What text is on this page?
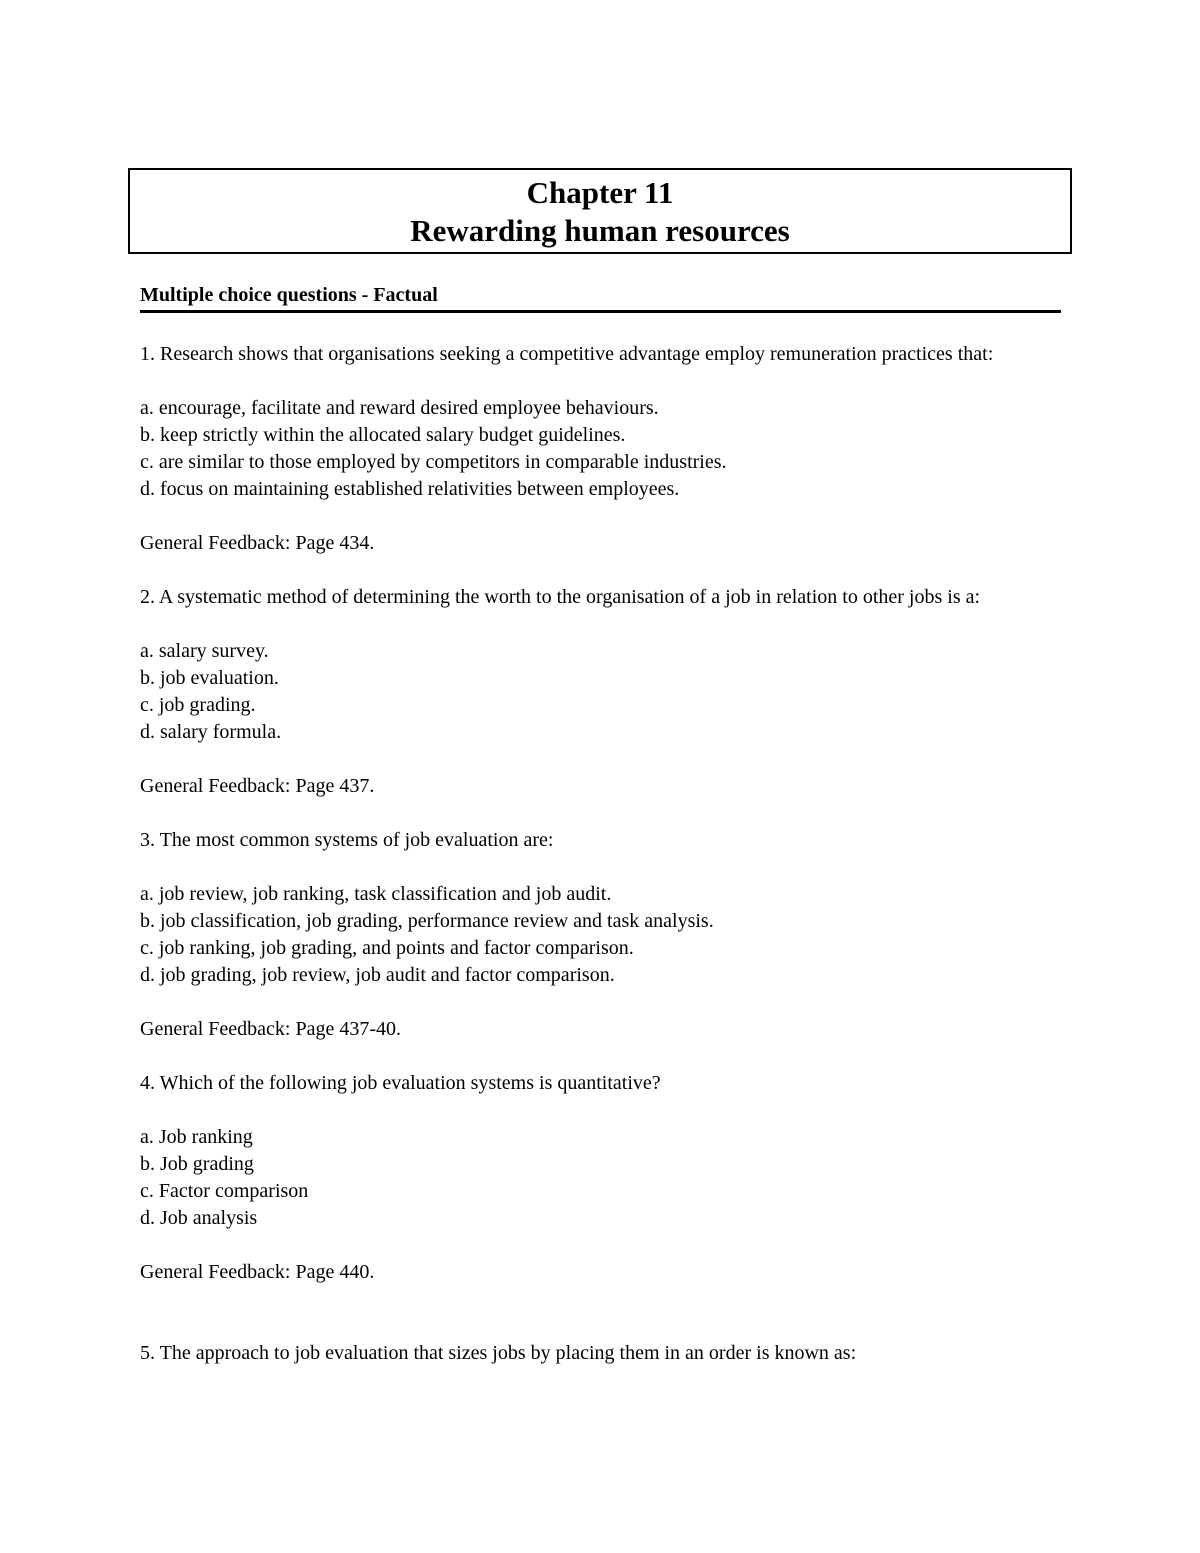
Chapter 11

Rewarding human resources

Multiple choice questions - Factual

1. Research shows that organisations seeking a competitive advantage employ remuneration practices that:

a. encourage, facilitate and reward desired employee behaviours.

b. keep strictly within the allocated salary budget guidelines.

c. are similar to those employed by competitors in comparable industries.

d. focus on maintaining established relativities between employees.

General Feedback: Page 434.

2. A systematic method of determining the worth to the organisation of a job in relation to other jobs is a:

a. salary survey.

b. job evaluation.

c. job grading.

d. salary formula.

General Feedback: Page 437.

3. The most common systems of job evaluation are:

a. job review, job ranking, task classification and job audit.

b. job classification, job grading, performance review and task analysis.

c. job ranking, job grading, and points and factor comparison.

d. job grading, job review, job audit and factor comparison.

General Feedback: Page 437-40.

4. Which of the following job evaluation systems is quantitative?

a. Job ranking

b. Job grading

c. Factor comparison

d. Job analysis

General Feedback: Page 440.

5. The approach to job evaluation that sizes jobs by placing them in an order is known as:
